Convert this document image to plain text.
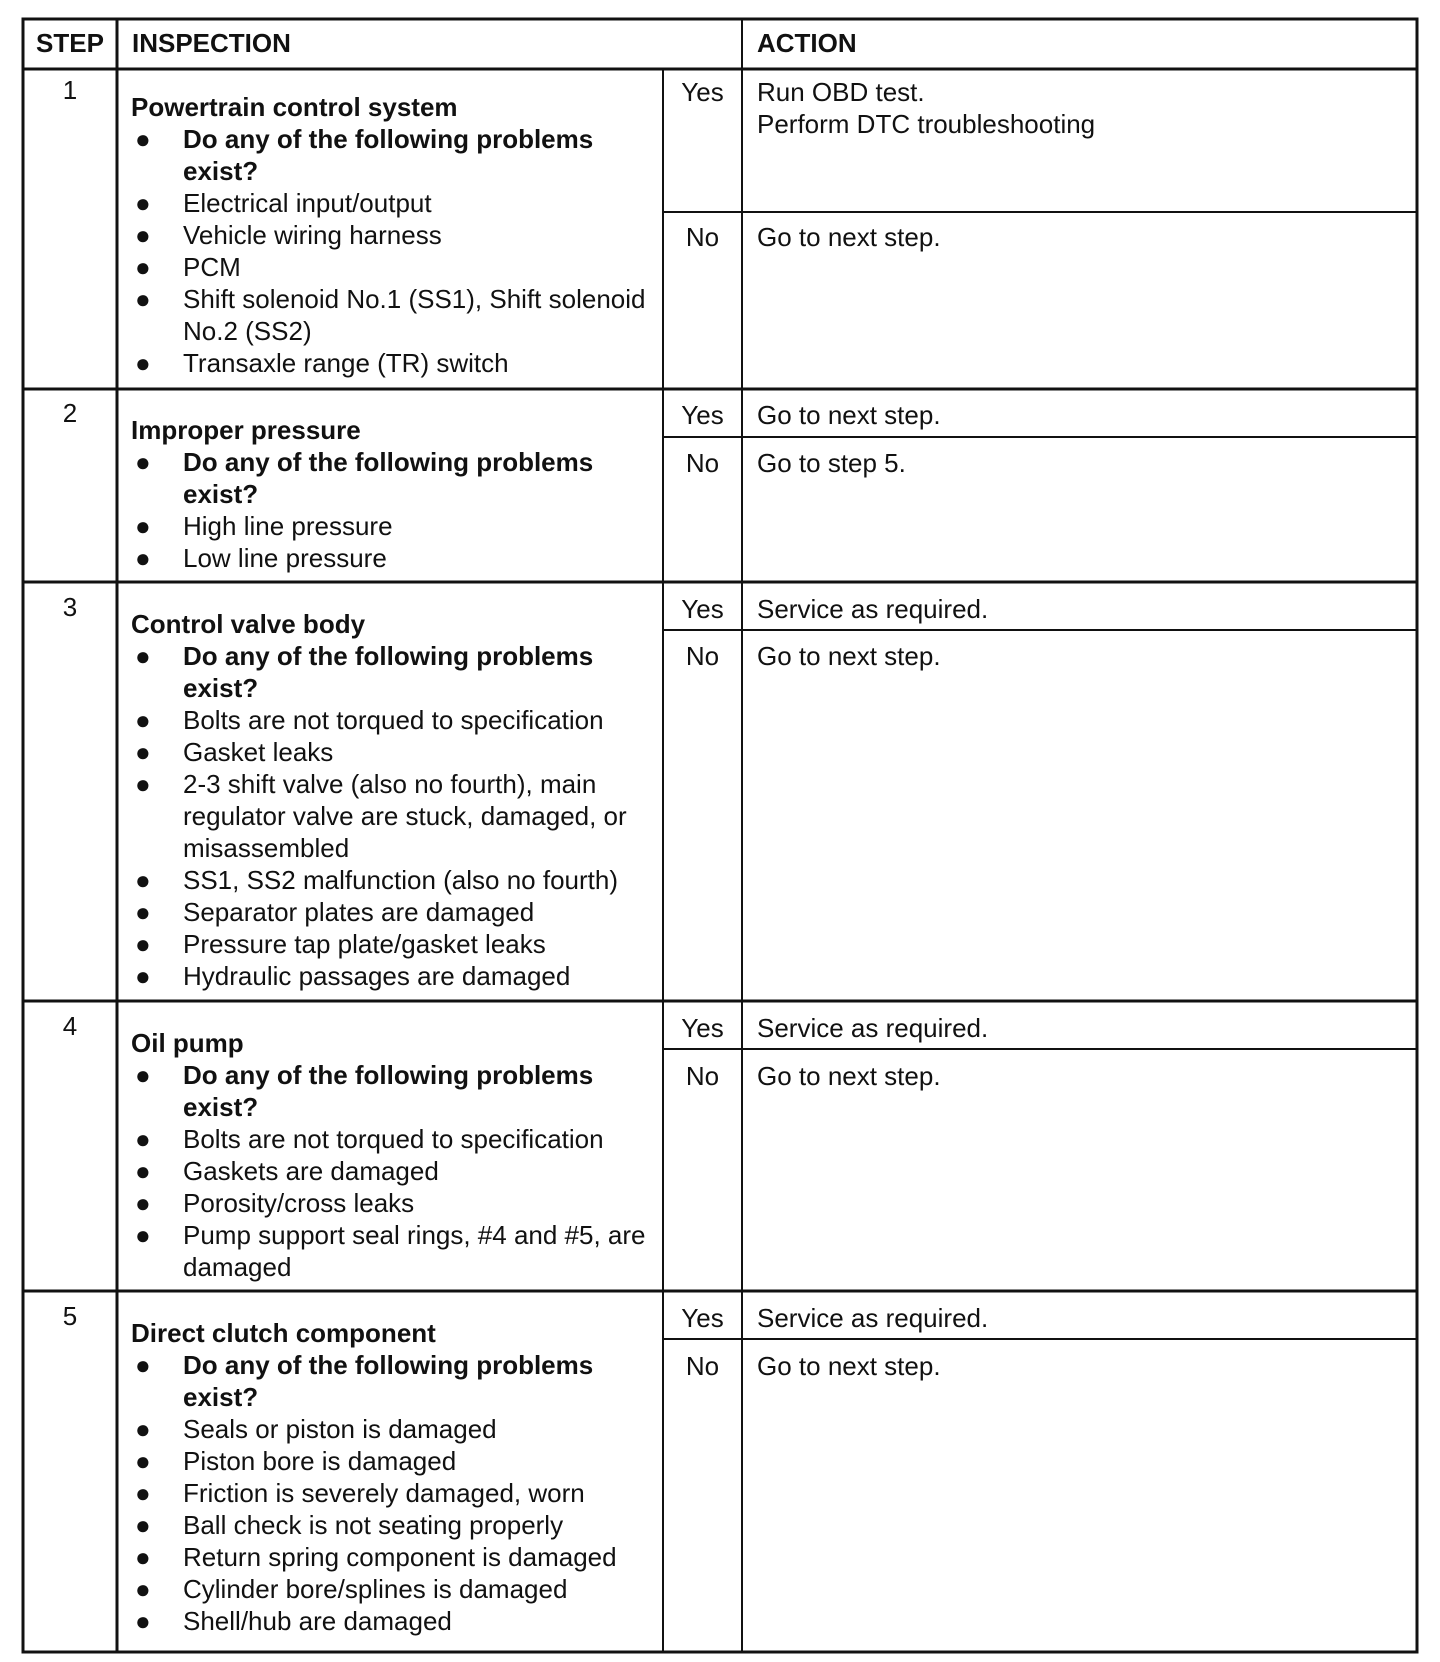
STEP INSPECTION	ACTION
1
Powertrain control system
● Do any of the following problems exist?
● Electrical input/output
● Vehicle wiring harness
● PCM
● Shift solenoid No.1 (SS1), Shift solenoid No.2 (SS2)
● Transaxle range (TR) switch
Yes	Run OBD test.
Perform DTC troubleshooting
No	Go to next step.
2
Improper pressure
● Do any of the following problems exist?
● High line pressure
● Low line pressure
Yes	Go to next step.
No	Go to step 5.
3
Control valve body
● Do any of the following problems exist?
● Bolts are not torqued to specification
● Gasket leaks
● 2-3 shift valve (also no fourth), main regulator valve are stuck, damaged, or misassembled
● SS1, SS2 malfunction (also no fourth)
● Separator plates are damaged
● Pressure tap plate/gasket leaks
● Hydraulic passages are damaged
Yes	Service as required.
No	Go to next step.
4
Oil pump
● Do any of the following problems exist?
● Bolts are not torqued to specification
● Gaskets are damaged
● Porosity/cross leaks
● Pump support seal rings, #4 and #5, are damaged
Yes	Service as required.
No	Go to next step.
5
Direct clutch component
● Do any of the following problems exist?
● Seals or piston is damaged
● Piston bore is damaged
● Friction is severely damaged, worn
● Ball check is not seating properly
● Return spring component is damaged
● Cylinder bore/splines is damaged
● Shell/hub are damaged
Yes	Service as required.
No	Go to next step.
